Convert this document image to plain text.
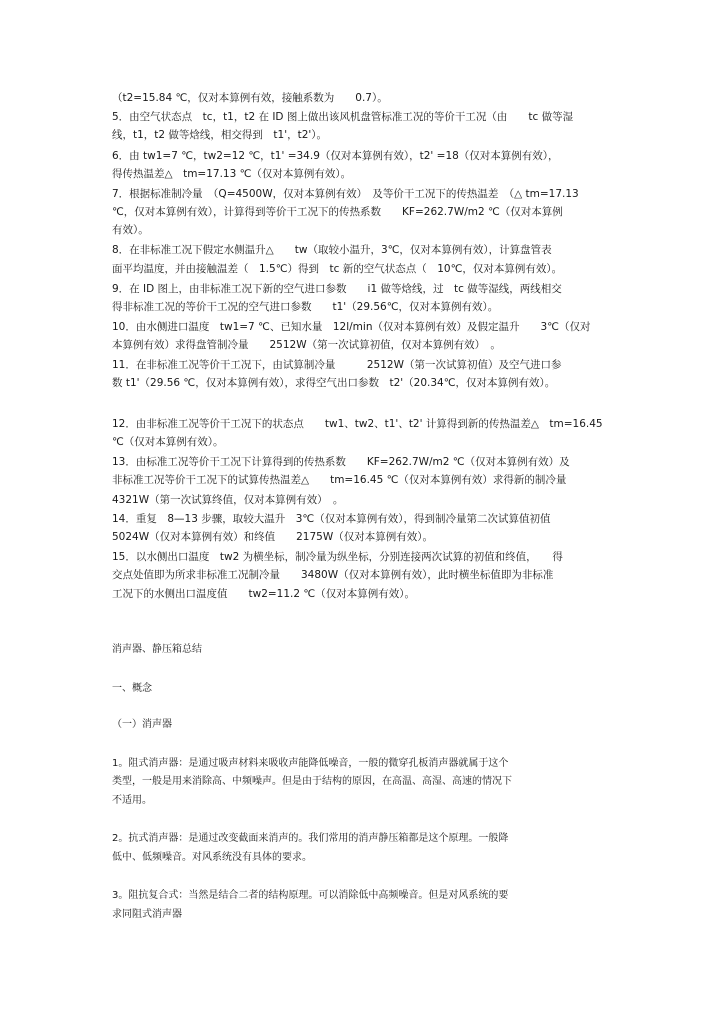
（t2=15.84 ℃，仅对本算例有效，接触系数为　　0.7）。
5．由空气状态点　tc，t1，t2 在 ID 图上做出该风机盘管标准工况的等价干工况（由　　tc 做等湿
线，t1，t2 做等焓线，相交得到　t1'，t2'）。
6．由 tw1=7 ℃，tw2=12 ℃，t1' =34.9（仅对本算例有效），t2' =18（仅对本算例有效），
得传热温差△　tm=17.13 ℃（仅对本算例有效）。
7．根据标准制冷量　（Q=4500W，仅对本算例有效）　及等价干工况下的传热温差　（△ tm=17.13
℃，仅对本算例有效），计算得到等价干工况下的传热系数　　KF=262.7W/m2 ℃（仅对本算例
有效）。
8．在非标准工况下假定水侧温升△　　tw（取较小温升，3℃，仅对本算例有效），计算盘管表
面平均温度，并由接触温差（　1.5℃）得到　tc 新的空气状态点（　10℃，仅对本算例有效）。
9．在 ID 图上，由非标准工况下新的空气进口参数　　i1 做等焓线，过　tc 做等湿线，两线相交
得非标准工况的等价干工况的空气进口参数　　t1'（29.56℃，仅对本算例有效）。
10．由水侧进口温度　tw1=7 ℃、已知水量　12l/min（仅对本算例有效）及假定温升　　3℃（仅对
本算例有效）求得盘管制冷量　　2512W（第一次试算初值，仅对本算例有效）　。
11．在非标准工况等价干工况下，由试算制冷量　　　2512W（第一次试算初值）及空气进口参
数 t1'（29.56 ℃，仅对本算例有效），求得空气出口参数　t2'（20.34℃，仅对本算例有效）。
12．由非标准工况等价干工况下的状态点　　tw1、tw2、t1'、t2' 计算得到新的传热温差△　tm=16.45
℃（仅对本算例有效）。
13．由标准工况等价干工况下计算得到的传热系数　　KF=262.7W/m2 ℃（仅对本算例有效）及
非标准工况等价干工况下的试算传热温差△　　tm=16.45 ℃（仅对本算例有效）求得新的制冷量
4321W（第一次试算终值，仅对本算例有效）　。
14．重复　8—13 步骤，取较大温升　3℃（仅对本算例有效），得到制冷量第二次试算值初值
5024W（仅对本算例有效）和终值　　2175W（仅对本算例有效）。
15．以水侧出口温度　tw2 为横坐标，制冷量为纵坐标，分别连接两次试算的初值和终值，　　得
交点处值即为所求非标准工况制冷量　　3480W（仅对本算例有效），此时横坐标值即为非标准
工况下的水侧出口温度值　　tw2=11.2 ℃（仅对本算例有效）。
消声器、静压箱总结
一、概念
（一）消声器
1。阻式消声器：是通过吸声材料来吸收声能降低噪音，一般的微穿孔板消声器就属于这个
类型，一般是用来消除高、中频噪声。但是由于结构的原因，在高温、高湿、高速的情况下
不适用。
2。抗式消声器：是通过改变截面来消声的。我们常用的消声静压箱都是这个原理。一般降
低中、低频噪音。对风系统没有具体的要求。
3。阻抗复合式：当然是结合二者的结构原理。可以消除低中高频噪音。但是对风系统的要
求同阻式消声器
